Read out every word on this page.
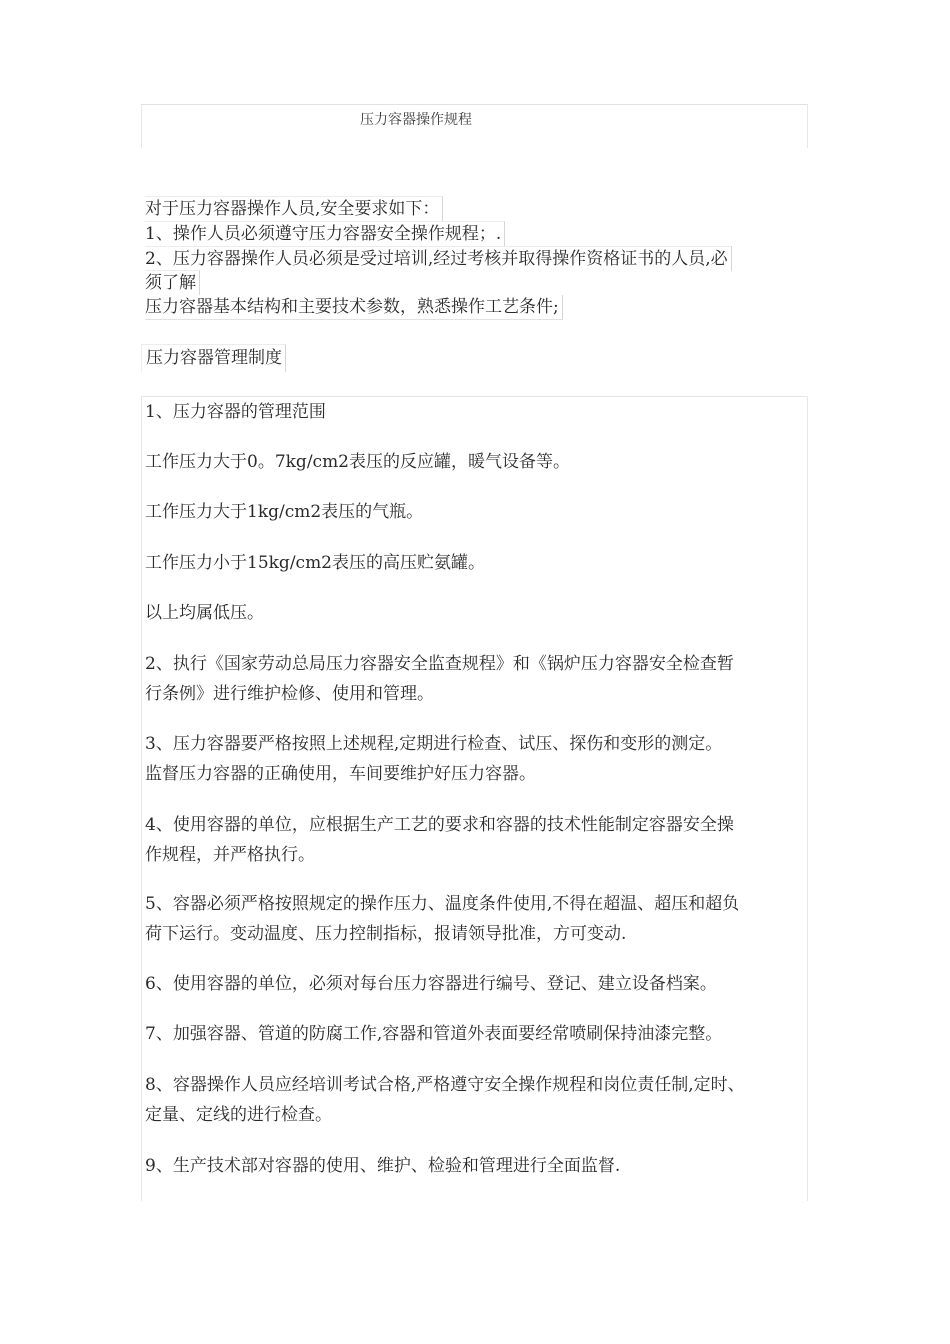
压力容器操作规程
对于压力容器操作人员,安全要求如下：
1、操作人员必须遵守压力容器安全操作规程；.
2、压力容器操作人员必须是受过培训,经过考核并取得操作资格证书的人员,必
须了解
压力容器基本结构和主要技术参数，熟悉操作工艺条件;
压力容器管理制度
1、压力容器的管理范围
工作压力大于0。7kg/cm2表压的反应罐，暖气设备等。
工作压力大于1kg/cm2表压的气瓶。
工作压力小于15kg/cm2表压的高压贮氨罐。
以上均属低压。
2、执行《国家劳动总局压力容器安全监查规程》和《锅炉压力容器安全检查暂
行条例》进行维护检修、使用和管理。
3、压力容器要严格按照上述规程,定期进行检查、试压、探伤和变形的测定。
监督压力容器的正确使用，车间要维护好压力容器。
4、使用容器的单位，应根据生产工艺的要求和容器的技术性能制定容器安全操
作规程，并严格执行。
5、容器必须严格按照规定的操作压力、温度条件使用,不得在超温、超压和超负
荷下运行。变动温度、压力控制指标，报请领导批准，方可变动.
6、使用容器的单位，必须对每台压力容器进行编号、登记、建立设备档案。
7、加强容器、管道的防腐工作,容器和管道外表面要经常喷刷保持油漆完整。
8、容器操作人员应经培训考试合格,严格遵守安全操作规程和岗位责任制,定时、
定量、定线的进行检查。
9、生产技术部对容器的使用、维护、检验和管理进行全面监督.
